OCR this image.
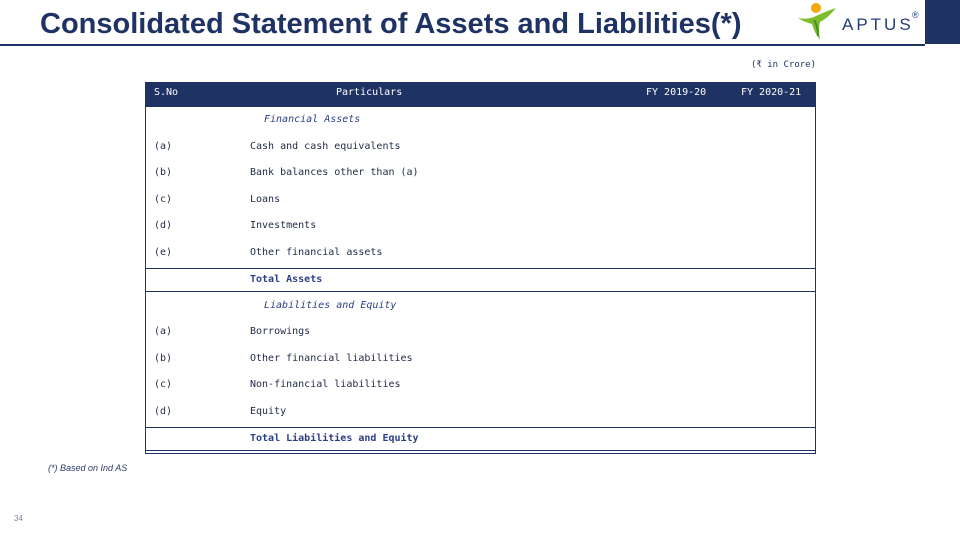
Consolidated Statement of Assets and Liabilities(*)	APTUS
®
(₹ in Crore)
S.No	Particulars	FY 2019-20	FY 2020-21
Financial Assets
(a)	Cash and cash equivalents
(b)	Bank balances other than (a)
(c)	Loans
(d)	Investments
(e)	Other financial assets
Total Assets
Liabilities and Equity
(a)	Borrowings
(b)	Other financial liabilities
(c)	Non-financial liabilities
(d)	Equity
Total Liabilities and Equity
(*) Based on Ind AS
34
